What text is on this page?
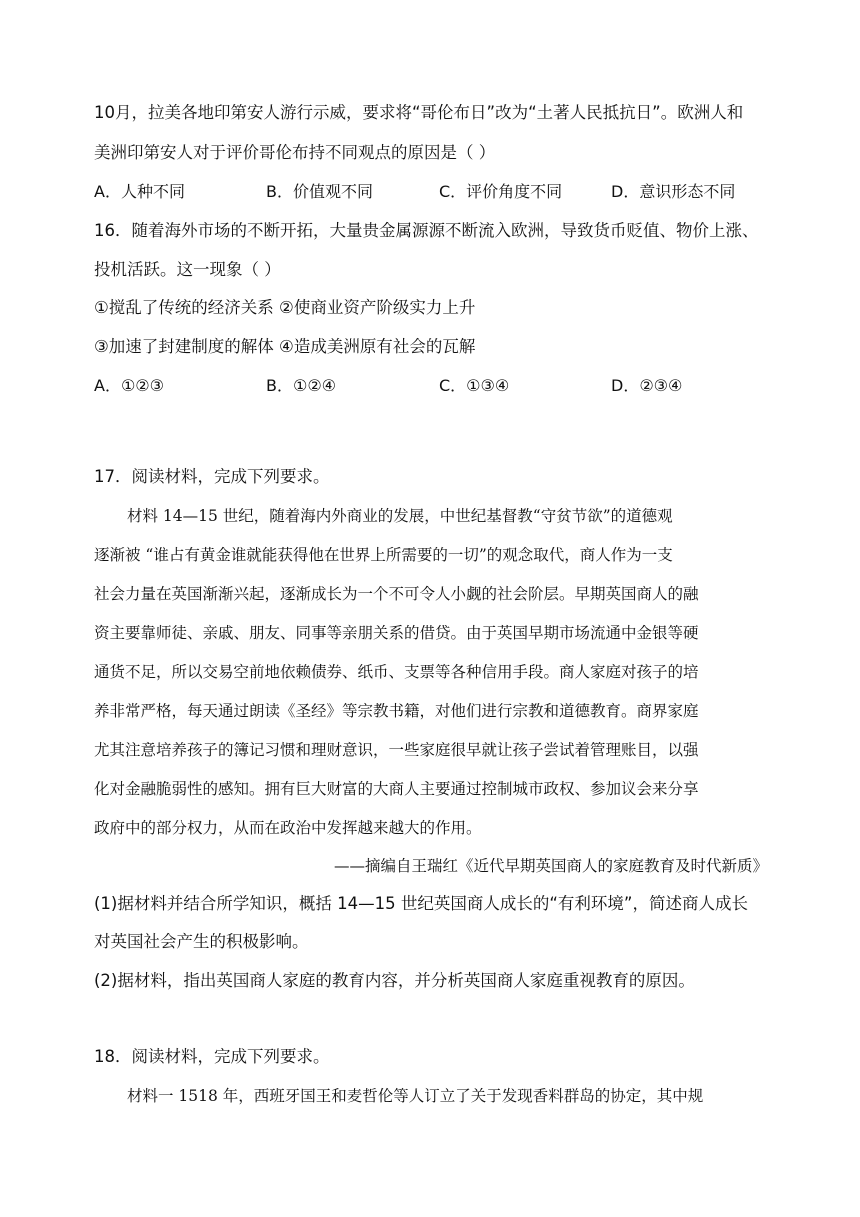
10月，拉美各地印第安人游行示威，要求将“哥伦布日”改为“土著人民抵抗日”。欧洲人和
美洲印第安人对于评价哥伦布持不同观点的原因是（ ）
A．人种不同	B．价值观不同	C．评价角度不同	D．意识形态不同
16．随着海外市场的不断开拓，大量贵金属源源不断流入欧洲，导致货币贬值、物价上涨、
投机活跃。这一现象（ ）
①搅乱了传统的经济关系 ②使商业资产阶级实力上升
③加速了封建制度的解体 ④造成美洲原有社会的瓦解
A．①②③	B．①②④	C．①③④	D．②③④
17．阅读材料，完成下列要求。
材料 14—15 世纪，随着海内外商业的发展，中世纪基督教“守贫节欲”的道德观
逐渐被 “谁占有黄金谁就能获得他在世界上所需要的一切”的观念取代，商人作为一支
社会力量在英国渐渐兴起，逐渐成长为一个不可令人小觑的社会阶层。早期英国商人的融
资主要靠师徒、亲戚、朋友、同事等亲朋关系的借贷。由于英国早期市场流通中金银等硬
通货不足，所以交易空前地依赖债券、纸币、支票等各种信用手段。商人家庭对孩子的培
养非常严格，每天通过朗读《圣经》等宗教书籍，对他们进行宗教和道德教育。商界家庭
尤其注意培养孩子的簿记习惯和理财意识，一些家庭很早就让孩子尝试着管理账目，以强
化对金融脆弱性的感知。拥有巨大财富的大商人主要通过控制城市政权、参加议会来分享
政府中的部分权力，从而在政治中发挥越来越大的作用。
——摘编自王瑞红《近代早期英国商人的家庭教育及时代新质》
(1)据材料并结合所学知识，概括 14—15 世纪英国商人成长的“有利环境”，简述商人成长
对英国社会产生的积极影响。
(2)据材料，指出英国商人家庭的教育内容，并分析英国商人家庭重视教育的原因。
18．阅读材料，完成下列要求。
材料一 1518 年，西班牙国王和麦哲伦等人订立了关于发现香料群岛的协定，其中规
